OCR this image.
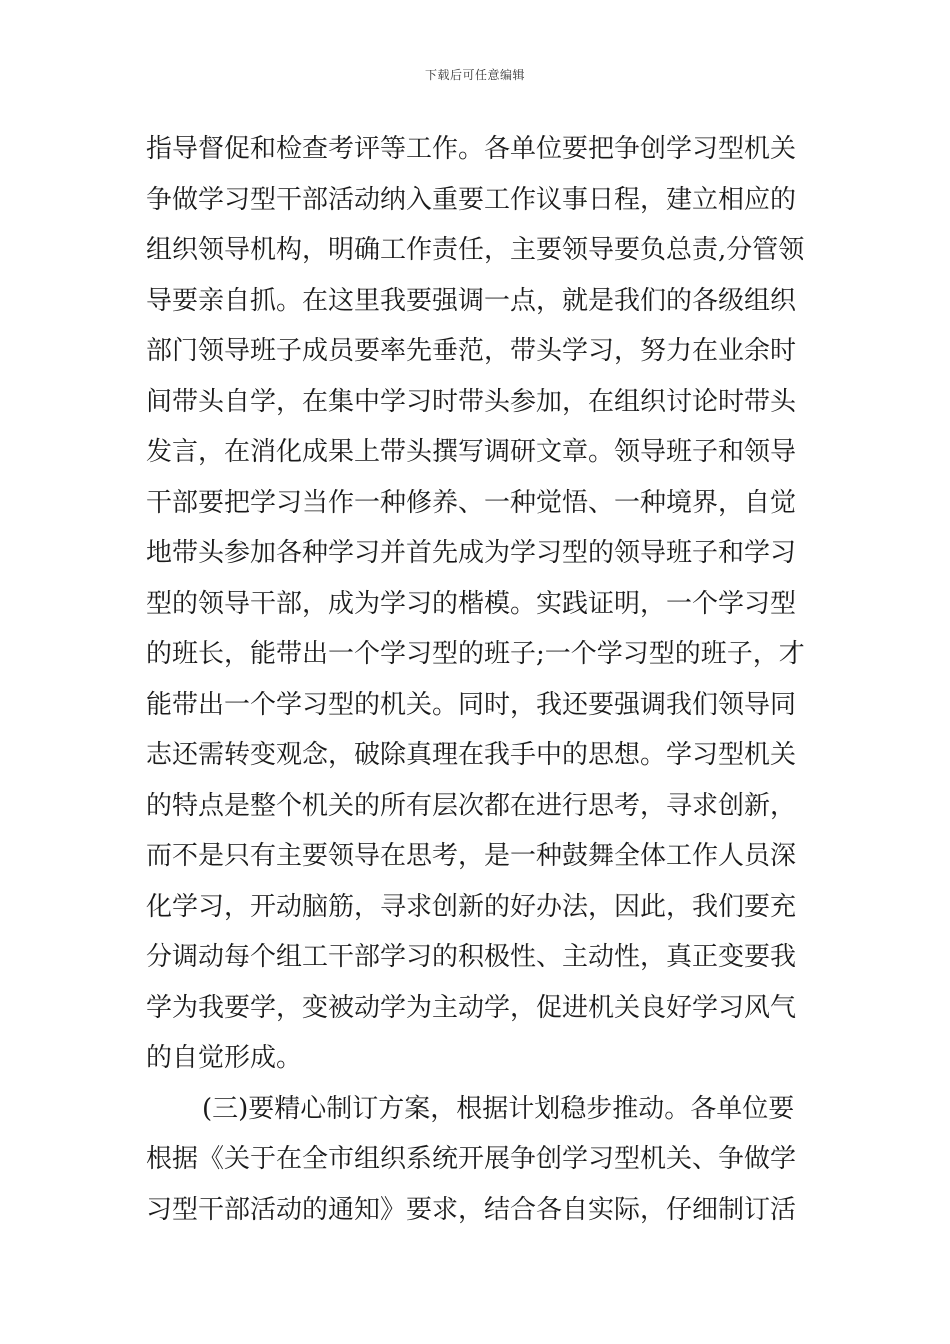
下载后可任意编辑
指导督促和检查考评等工作。各单位要把争创学习型机关
争做学习型干部活动纳入重要工作议事日程，建立相应的
组织领导机构，明确工作责任，主要领导要负总责,分管领
导要亲自抓。在这里我要强调一点，就是我们的各级组织
部门领导班子成员要率先垂范，带头学习，努力在业余时
间带头自学，在集中学习时带头参加，在组织讨论时带头
发言，在消化成果上带头撰写调研文章。领导班子和领导
干部要把学习当作一种修养、一种觉悟、一种境界，自觉
地带头参加各种学习并首先成为学习型的领导班子和学习
型的领导干部，成为学习的楷模。实践证明，一个学习型
的班长，能带出一个学习型的班子;一个学习型的班子，才
能带出一个学习型的机关。同时，我还要强调我们领导同
志还需转变观念，破除真理在我手中的思想。学习型机关
的特点是整个机关的所有层次都在进行思考，寻求创新，
而不是只有主要领导在思考，是一种鼓舞全体工作人员深
化学习，开动脑筋，寻求创新的好办法，因此，我们要充
分调动每个组工干部学习的积极性、主动性，真正变要我
学为我要学，变被动学为主动学，促进机关良好学习风气
的自觉形成。
(三)要精心制订方案，根据计划稳步推动。各单位要
根据《关于在全市组织系统开展争创学习型机关、争做学
习型干部活动的通知》要求，结合各自实际，仔细制订活
